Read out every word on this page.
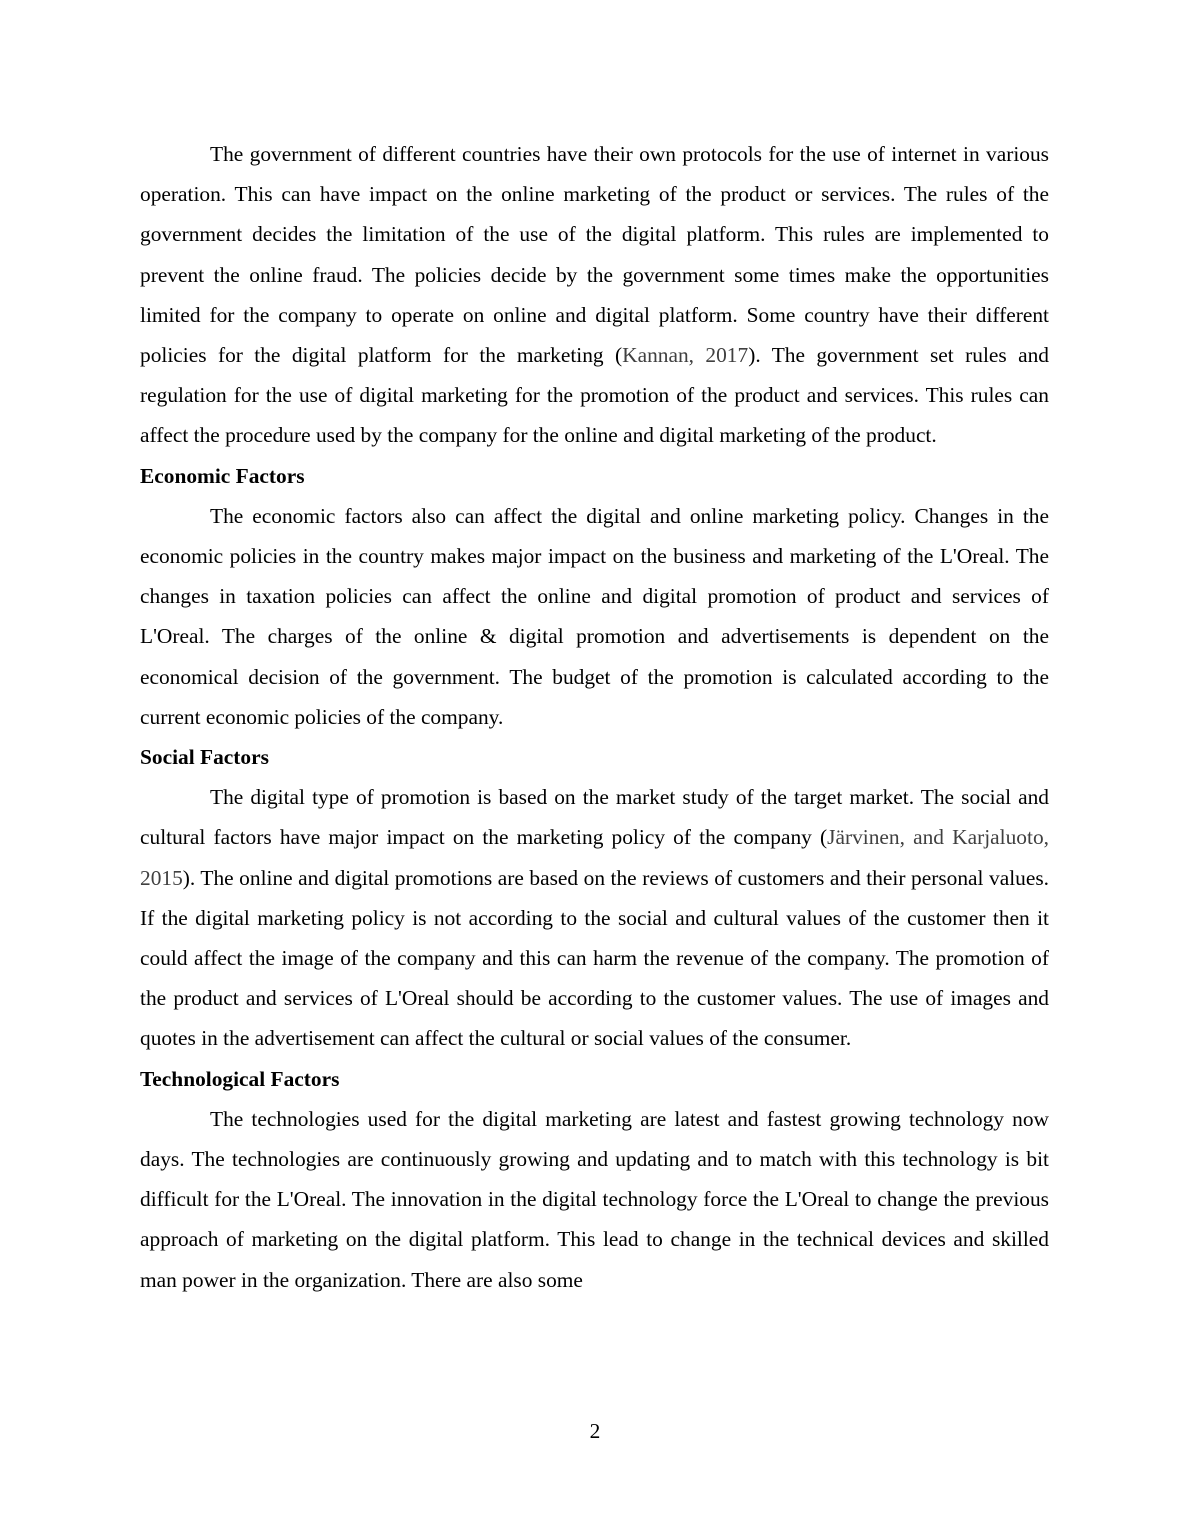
The government of different countries have their own protocols for the use of internet in various operation. This can have impact on the online marketing of the product or services. The rules of the government decides the limitation of the use of the digital platform. This rules are implemented to prevent the online fraud. The policies decide by the government some times make the opportunities limited for the company to operate on online and digital platform. Some country have their different policies for the digital platform for the marketing (Kannan, 2017). The government set rules and regulation for the use of digital marketing for the promotion of the product and services. This rules can affect the procedure used by the company for the online and digital marketing of the product.

Economic Factors

The economic factors also can affect the digital and online marketing policy. Changes in the economic policies in the country makes major impact on the business and marketing of the L'Oreal. The changes in taxation policies can affect the online and digital promotion of product and services of L'Oreal. The charges of the online & digital promotion and advertisements is dependent on the economical decision of the government. The budget of the promotion is calculated according to the current economic policies of the company.

Social Factors

The digital type of promotion is based on the market study of the target market. The social and cultural factors have major impact on the marketing policy of the company (Järvinen, and Karjaluoto, 2015). The online and digital promotions are based on the reviews of customers and their personal values. If the digital marketing policy is not according to the social and cultural values of the customer then it could affect the image of the company and this can harm the revenue of the company. The promotion of the product and services of L'Oreal should be according to the customer values. The use of images and quotes in the advertisement can affect the cultural or social values of the consumer.

Technological Factors

The technologies used for the digital marketing are latest and fastest growing technology now days. The technologies are continuously growing and updating and to match with this technology is bit difficult for the L'Oreal. The innovation in the digital technology force the L'Oreal to change the previous approach of marketing on the digital platform. This lead to change in the technical devices and skilled man power in the organization. There are also some

2
